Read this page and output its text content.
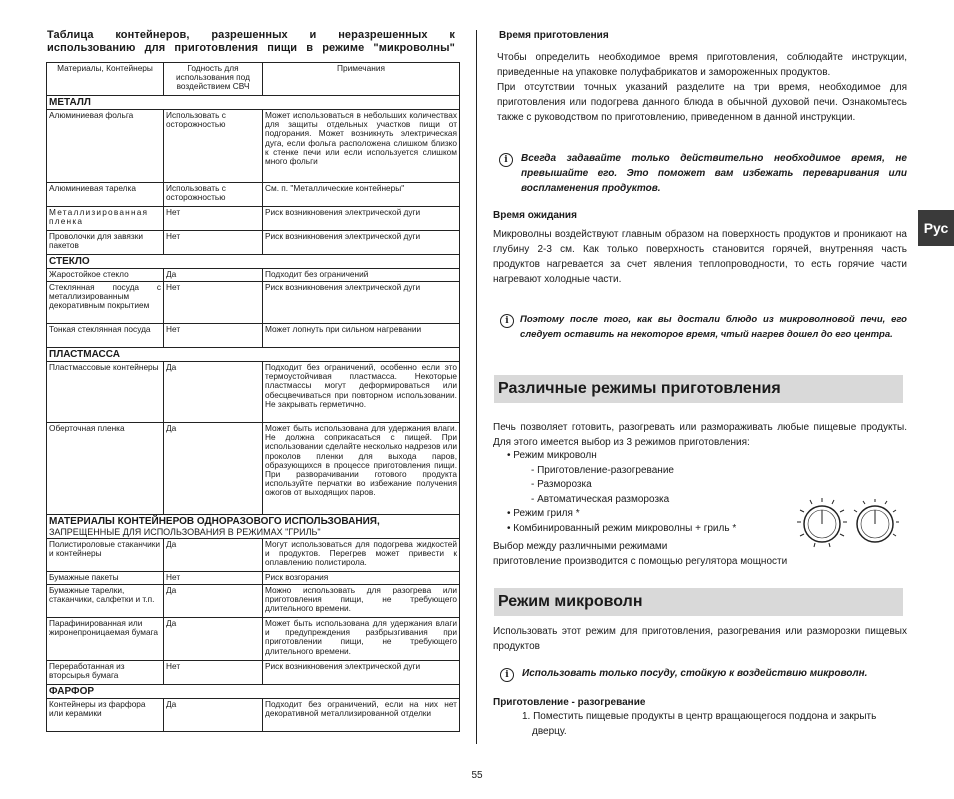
Таблица контейнеров, разрешенных и неразрешенных к
использованию для приготовления пищи в режиме "микроволны"
Материалы, Контейнеры	Годность для использования под воздействием СВЧ	Примечания
МЕТАЛЛ		
Алюминиевая фольга	Использовать с осторожностью	Может использоваться в небольших количествах для защиты отдельных участков пищи от подгорания. Может возникнуть электрическая дуга, если фольга расположена слишком близко к стенке печи или если используется слишком много фольги
Алюминиевая тарелка	Использовать с осторожностью	См. п. "Металлические контейнеры"
Металлизированная пленка	Нет	Риск возникновения электрической дуги
Проволочки для завязки пакетов	Нет	Риск возникновения электрической дуги
СТЕКЛО		
Жаростойкое стекло	Да	Подходит без ограничений
Стеклянная посуда с металлизированным декоративным покрытием	Нет	Риск возникновения электрической дуги
Тонкая стеклянная посуда	Нет	Может лопнуть при сильном нагревании
ПЛАСТМАССА		
Пластмассовые контейнеры	Да	Подходит без ограничений, особенно если это термоустойчивая пластмасса. Некоторые пластмассы могут деформироваться или обесцвечиваться при повторном использовании. Не закрывать герметично.
Оберточная пленка	Да	Может быть использована для удержания влаги. Не должна соприкасаться с пищей. При использовании сделайте несколько надрезов или проколов пленки для выхода паров, образующихся в процессе приготовления пищи. При разворачивании готового продукта используйте перчатки во избежание получения ожогов от выходящих паров.
МАТЕРИАЛЫ КОНТЕЙНЕРОВ ОДНОРАЗОВОГО ИСПОЛЬЗОВАНИЯ,
ЗАПРЕЩЕННЫЕ ДЛЯ ИСПОЛЬЗОВАНИЯ В РЕЖИМАХ "ГРИЛЬ"		

Полистироловые стаканчики и контейнеры	Да	Могут использоваться для подогрева жидкостей и продуктов. Перегрев может привести к оплавлению полистирола.
Бумажные пакеты	Нет	Риск возгорания
Бумажные тарелки, стаканчики, салфетки и т.п.	Да	Можно использовать для разогрева или приготовления пищи, не требующего длительного времени.
Парафинированная или жиронепроницаемая бумага	Да	Может быть использована для удержания влаги и предупреждения разбрызгивания при приготовлении пищи, не требующего длительного времени.
Переработанная из вторсырья бумага	Нет	Риск возникновения электрической дуги
ФАРФОР		
Контейнеры из фарфора или керамики	Да	Подходит без ограничений, если на них нет декоративной металлизированной отделки
Время приготовления
Чтобы определить необходимое время приготовления, соблюдайте инструкции, приведенные на упаковке полуфабрикатов и замороженных продуктов.
При отсутствии точных указаний разделите на три время, необходимое для приготовления или подогрева данного блюда в обычной духовой печи. Ознакомьтесь также с руководством по приготовлению, приведенном в данной инструкции.
i	Всегда задавайте только действительно необходимое время, не превышайте его. Это поможет вам избежать переваривания или воспламенения продуктов.
Время ожидания
Микроволны воздействуют главным образом на поверхность продуктов и проникают на глубину 2-3 см. Как только поверхность становится горячей, внутренняя часть продуктов нагревается за счет явления теплопроводности, то есть горячие части нагревают холодные части.
i	Поэтому после того, как вы достали блюдо из микроволновой печи, его следует оставить на некоторое время, чтый нагрев дошел до его центра.
Различные режимы приготовления
Печь позволяет готовить, разогревать или размораживать любые пищевые продукты. Для этого имеется выбор из 3 режимов приготовления:
• Режим микроволн
- Приготовление-разогревание
- Разморозка
- Автоматическая разморозка
• Режим гриля *
• Комбинированный режим микроволны + гриль *
Выбор между различными режимами
приготовление производится с помощью регулятора мощности
Режим микроволн
Использовать этот режим для приготовления, разогревания или разморозки пищевых продуктов
i	Использовать только посуду, стойкую к воздействию микроволн.
Приготовление - разогревание
1. Поместить пищевые продукты в центр вращающегося поддона и закрыть
дверцу.
Рус
55
